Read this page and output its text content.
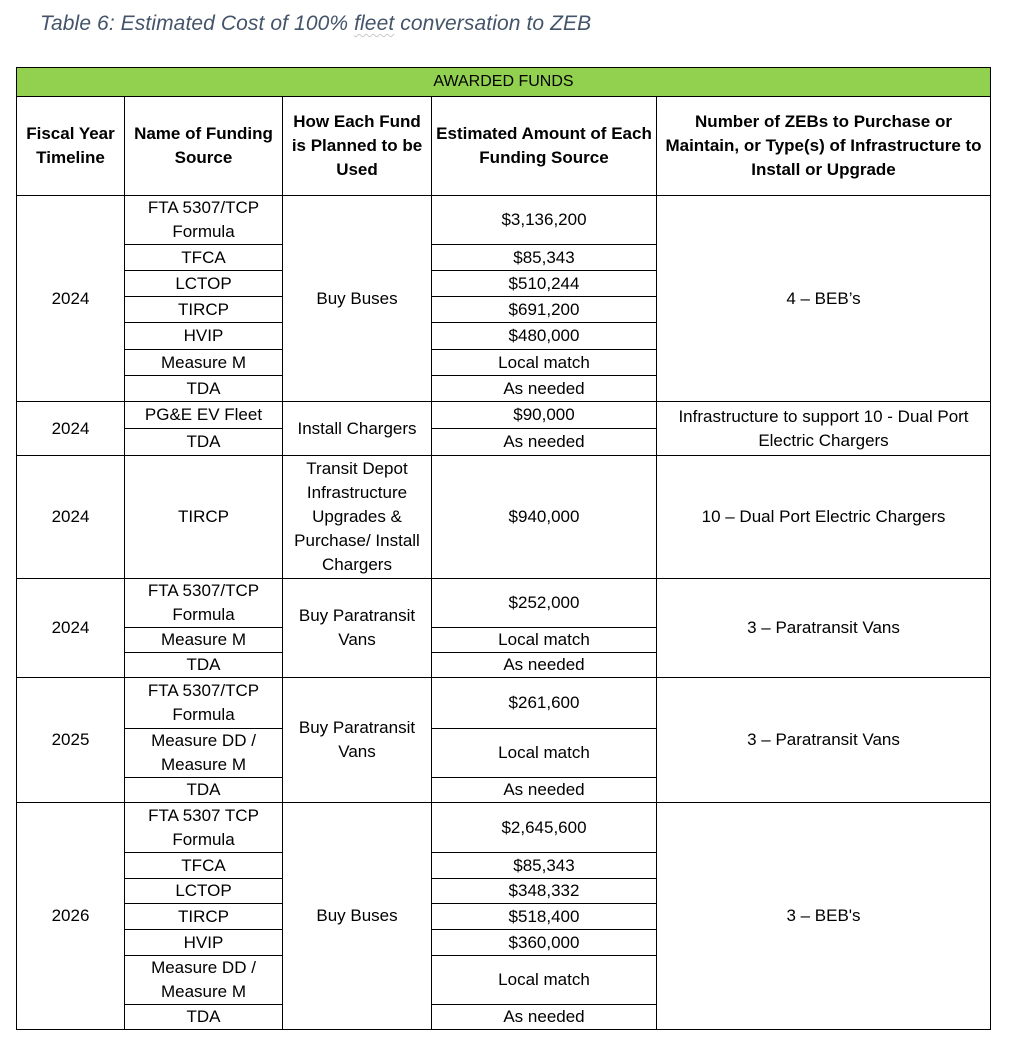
Table 6: Estimated Cost of 100% fleet conversation to ZEB
AWARDED FUNDS				
Fiscal Year Timeline	Name of Funding Source	How Each Fund is Planned to be Used	Estimated Amount of Each Funding Source	Number of ZEBs to Purchase or Maintain, or Type(s) of Infrastructure to Install or Upgrade
2024	FTA 5307/TCP Formula	Buy Buses	$3,136,200	4 – BEB’s
	TFCA		$85,343	
	LCTOP		$510,244	
	TIRCP		$691,200	
	HVIP		$480,000	
	Measure M		Local match	
	TDA		As needed	
2024	PG&E EV Fleet	Install Chargers	$90,000	Infrastructure to support 10 - Dual Port Electric Chargers
	TDA		As needed	
2024	TIRCP	Transit Depot Infrastructure Upgrades & Purchase/ Install Chargers	$940,000	10 – Dual Port Electric Chargers
2024	FTA 5307/TCP Formula	Buy Paratransit Vans	$252,000	3 – Paratransit Vans
	Measure M		Local match	
	TDA		As needed	
2025	FTA 5307/TCP Formula	Buy Paratransit Vans	$261,600	3 – Paratransit Vans
	Measure DD / Measure M		Local match	
	TDA		As needed	
2026	FTA 5307 TCP Formula	Buy Buses	$2,645,600	3 – BEB's
	TFCA		$85,343	
	LCTOP		$348,332	
	TIRCP		$518,400	
	HVIP		$360,000	
	Measure DD / Measure M		Local match	
	TDA		As needed	
